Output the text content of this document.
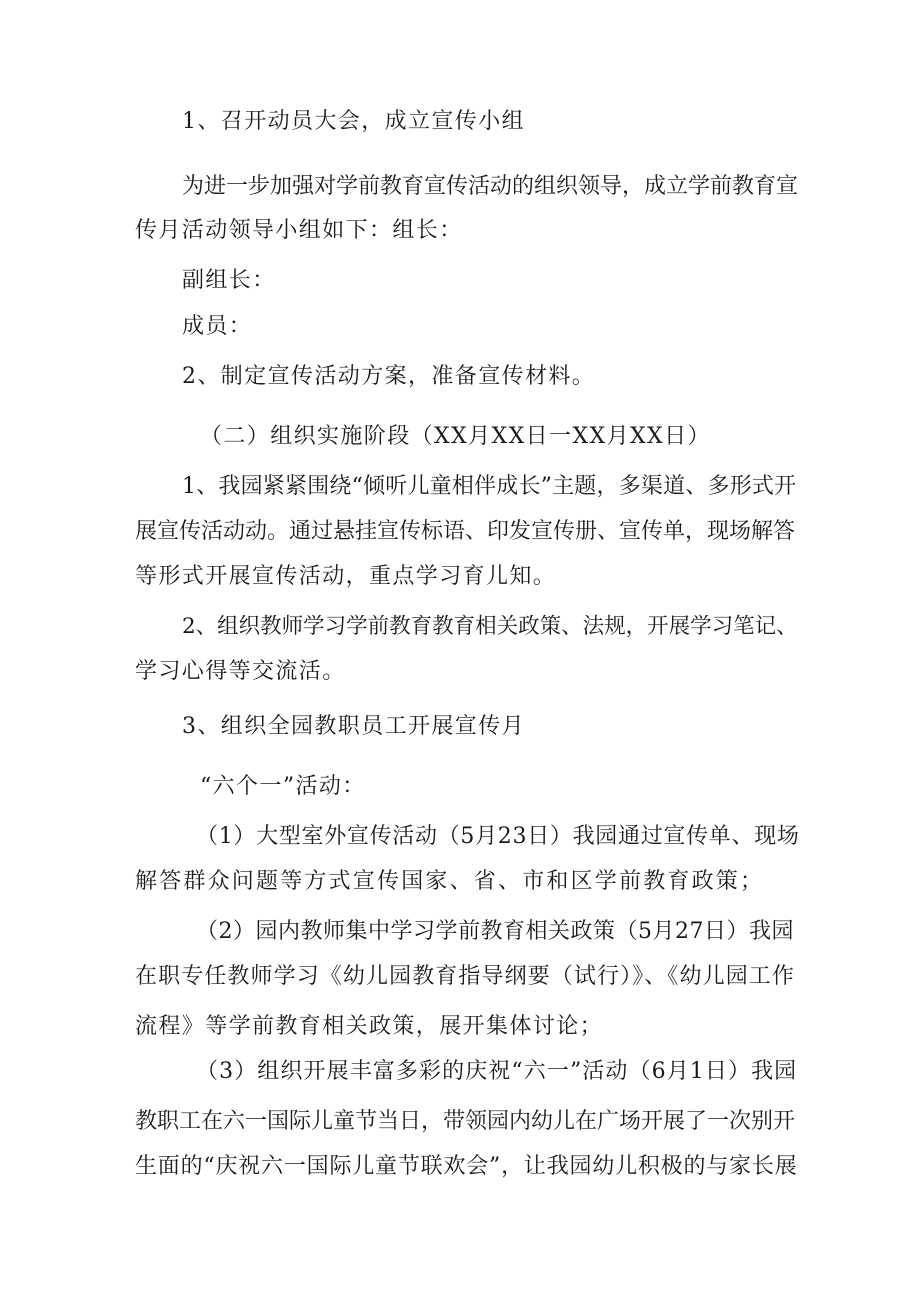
1、召开动员大会，成立宣传小组
为进一步加强对学前教育宣传活动的组织领导，成立学前教育宣
传月活动领导小组如下：组长：
副组长：
成员：
2、制定宣传活动方案，准备宣传材料。
（二）组织实施阶段（XX月XX日一XX月XX日）
1、我园紧紧围绕“倾听儿童相伴成长”主题，多渠道、多形式开
展宣传活动动。通过悬挂宣传标语、印发宣传册、宣传单，现场解答
等形式开展宣传活动，重点学习育儿知。
2、组织教师学习学前教育教育相关政策、法规，开展学习笔记、
学习心得等交流活。
3、组织全园教职员工开展宣传月
“六个一”活动：
（1）大型室外宣传活动（5月23日）我园通过宣传单、现场
解答群众问题等方式宣传国家、省、市和区学前教育政策；
（2）园内教师集中学习学前教育相关政策（5月27日）我园
在职专任教师学习《幼儿园教育指导纲要（试行）》、《幼儿园工作
流程》等学前教育相关政策，展开集体讨论；
（3）组织开展丰富多彩的庆祝“六一”活动（6月1日）我园
教职工在六一国际儿童节当日，带领园内幼儿在广场开展了一次别开
生面的“庆祝六一国际儿童节联欢会”，让我园幼儿积极的与家长展
